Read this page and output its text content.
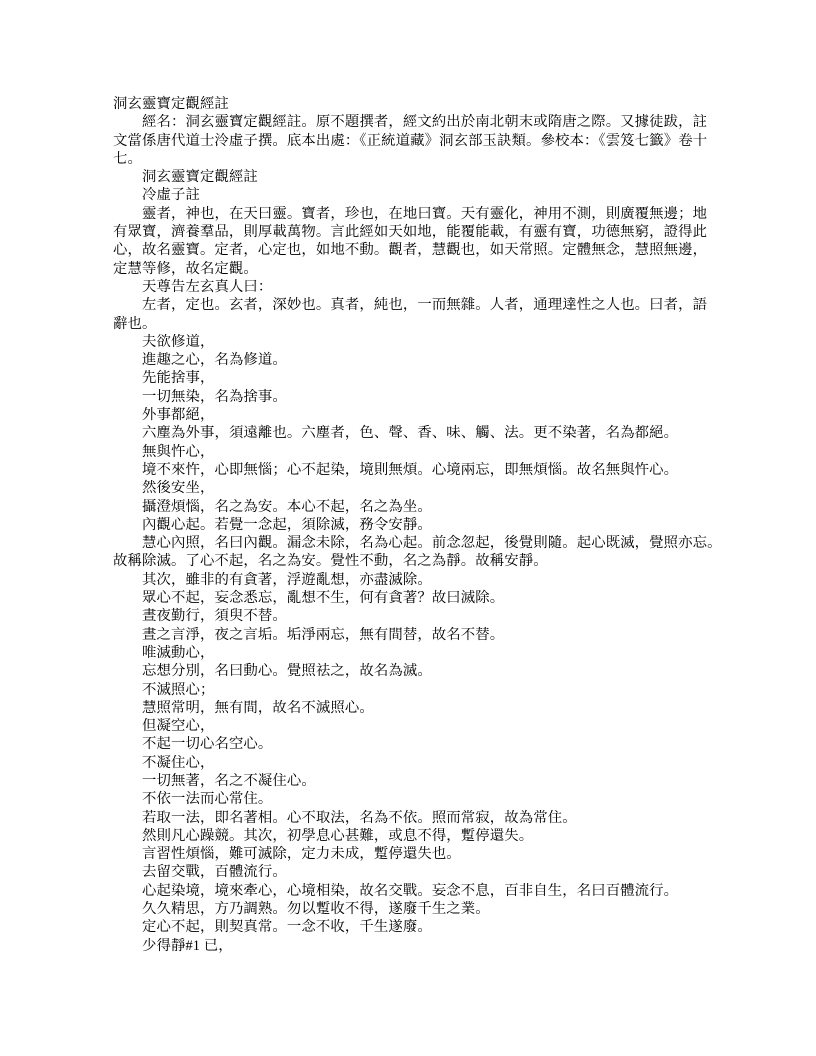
洞玄靈寶定觀經註
經名：洞玄靈寶定觀經註。原不題撰者，經文約出於南北朝末或隋唐之際。又據徒跋，註
文當係唐代道士泠虛子撰。底本出處：《正統道藏》洞玄部玉訣類。參校本：《雲笈七籤》卷十
七。
洞玄靈寶定觀經註
冷虛子註
靈者，神也，在天曰靈。寶者，珍也，在地曰寶。天有靈化，神用不測，則廣覆無邊；地
有眾寶，濟養羣品，則厚載萬物。言此經如天如地，能覆能載，有靈有寶，功德無窮，證得此
心，故名靈寶。定者，心定也，如地不動。觀者，慧觀也，如天常照。定體無念，慧照無邊，
定慧等修，故名定觀。
天尊告左玄真人曰：
左者，定也。玄者，深妙也。真者，純也，一而無雜。人者，通理達性之人也。曰者，語
辭也。
夫欲修道，
進趣之心，名為修道。
先能捨事，
一切無染，名為捨事。
外事都絕，
六塵為外事，須遠離也。六塵者，色、聲、香、味、觸、法。更不染著，名為都絕。
無與忤心，
境不來忤，心即無惱；心不起染，境則無煩。心境兩忘，即無煩惱。故名無與忤心。
然後安坐，
攝澄煩惱，名之為安。本心不起，名之為坐。
內觀心起。若覺一念起，須除滅，務令安靜。
慧心內照，名曰內觀。漏念未除，名為心起。前念忽起，後覺則隨。起心既滅，覺照亦忘。
故稱除滅。了心不起，名之為安。覺性不動，名之為靜。故稱安靜。
其次，雖非的有貪著，浮遊亂想，亦盡滅除。
眾心不起，妄念悉忘，亂想不生，何有貪著？故曰滅除。
晝夜勤行，須臾不替。
晝之言淨，夜之言垢。垢淨兩忘，無有間替，故名不替。
唯滅動心，
忘想分別，名曰動心。覺照祛之，故名為滅。
不滅照心；
慧照常明，無有間，故名不滅照心。
但凝空心，
不起一切心名空心。
不凝住心，
一切無著，名之不凝住心。
不依一法而心常住。
若取一法，即名著相。心不取法，名為不依。照而常寂，故為常住。
然則凡心躁競。其次，初學息心甚難，或息不得，蹔停還失。
言習性煩惱，難可滅除，定力未成，蹔停還失也。
去留交戰，百體流行。
心起染境，境來牽心，心境相染，故名交戰。妄念不息，百非自生，名曰百體流行。
久久精思，方乃調熟。勿以蹔收不得，遂廢千生之業。
定心不起，則契真常。一念不收，千生遂廢。
少得靜#1 已，
